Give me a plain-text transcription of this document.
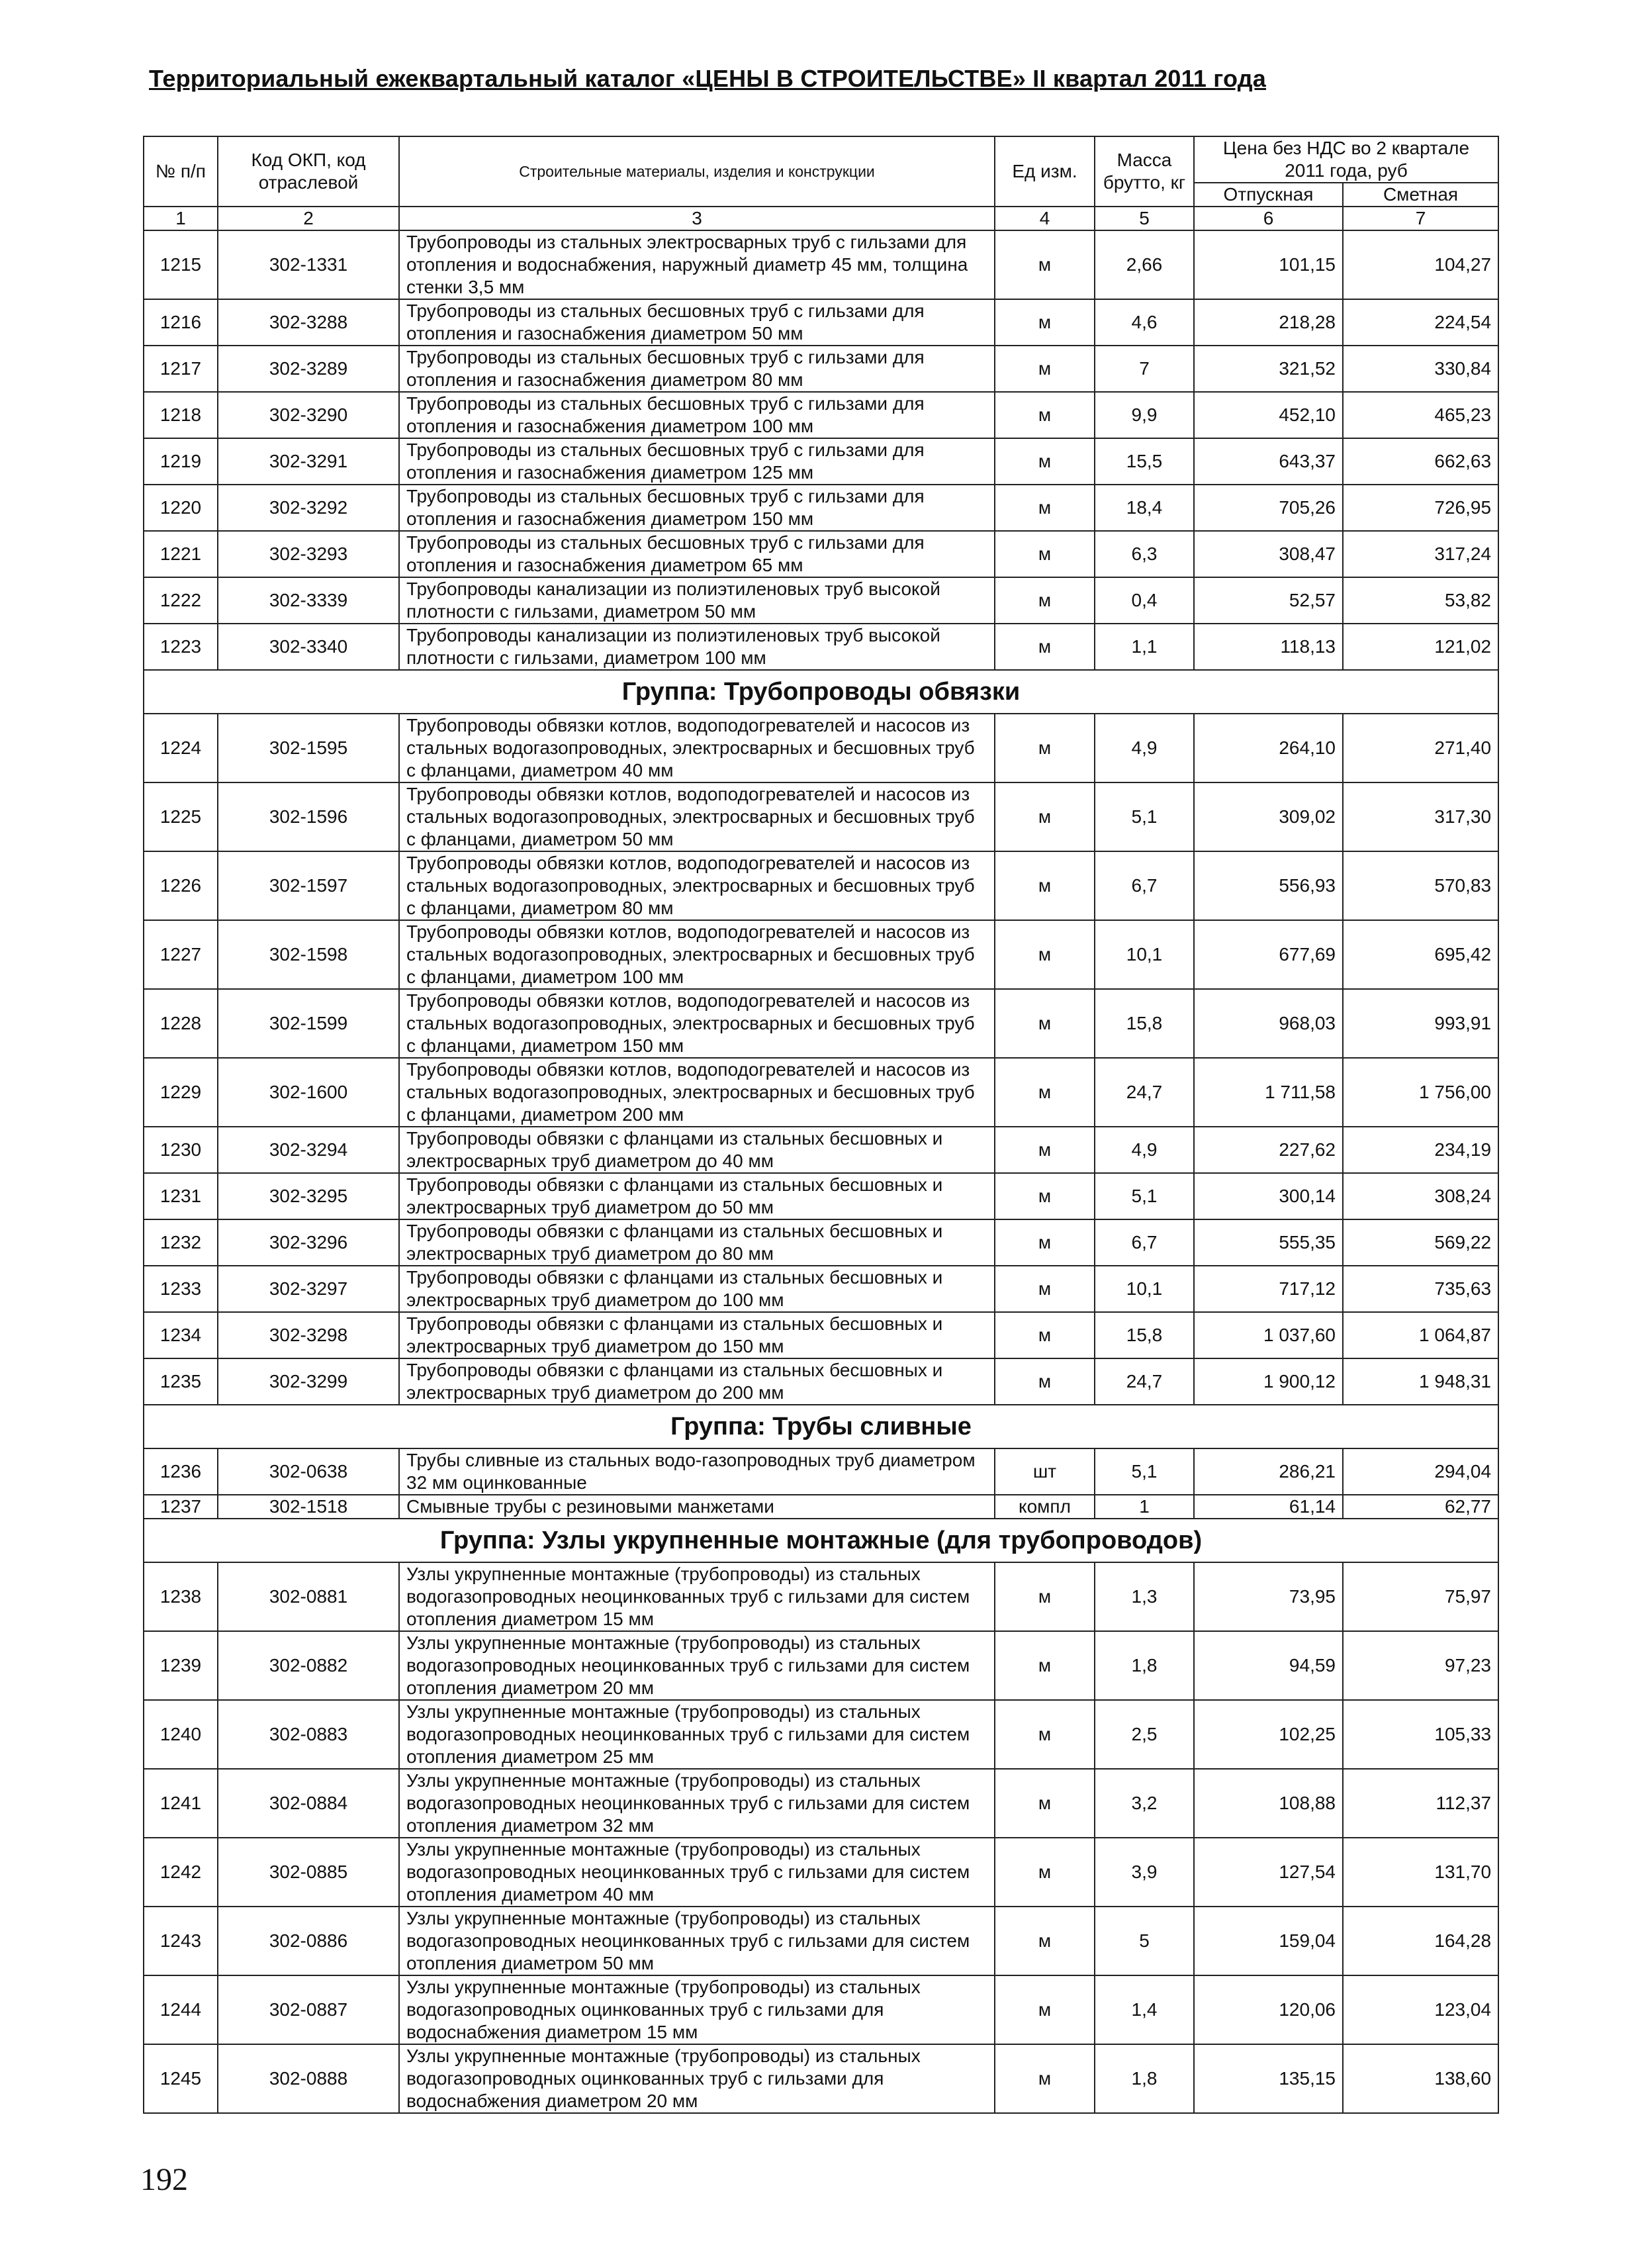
Территориальный ежеквартальный каталог «ЦЕНЫ В СТРОИТЕЛЬСТВЕ» II квартал 2011 года
№ п/п	Код ОКП, код отраслевой	Строительные материалы, изделия и конструкции	Ед изм.	Масса брутто, кг	Цена без НДС во 2 квартале 2011 года, руб	
					Отпускная	Сметная
1	2	3	4	5	6	7
1215	302-1331	Трубопроводы из стальных электросварных труб с гильзами для отопления и водоснабжения, наружный диаметр 45 мм, толщина стенки 3,5 мм	м	2,66	101,15	104,27
1216	302-3288	Трубопроводы из стальных бесшовных труб с гильзами для отопления и газоснабжения диаметром 50 мм	м	4,6	218,28	224,54
1217	302-3289	Трубопроводы из стальных бесшовных труб с гильзами для отопления и газоснабжения диаметром 80 мм	м	7	321,52	330,84
1218	302-3290	Трубопроводы из стальных бесшовных труб с гильзами для отопления и газоснабжения диаметром 100 мм	м	9,9	452,10	465,23
1219	302-3291	Трубопроводы из стальных бесшовных труб с гильзами для отопления и газоснабжения диаметром 125 мм	м	15,5	643,37	662,63
1220	302-3292	Трубопроводы из стальных бесшовных труб с гильзами для отопления и газоснабжения диаметром 150 мм	м	18,4	705,26	726,95
1221	302-3293	Трубопроводы из стальных бесшовных труб с гильзами для отопления и газоснабжения диаметром 65 мм	м	6,3	308,47	317,24
1222	302-3339	Трубопроводы канализации из полиэтиленовых труб высокой плотности с гильзами, диаметром 50 мм	м	0,4	52,57	53,82
1223	302-3340	Трубопроводы канализации из полиэтиленовых труб высокой плотности с гильзами, диаметром 100 мм	м	1,1	118,13	121,02
Группа: Трубопроводы обвязки						
1224	302-1595	Трубопроводы обвязки котлов, водоподогревателей и насосов из стальных водогазопроводных, электросварных и бесшовных труб с фланцами, диаметром 40 мм	м	4,9	264,10	271,40
1225	302-1596	Трубопроводы обвязки котлов, водоподогревателей и насосов из стальных водогазопроводных, электросварных и бесшовных труб с фланцами, диаметром 50 мм	м	5,1	309,02	317,30
1226	302-1597	Трубопроводы обвязки котлов, водоподогревателей и насосов из стальных водогазопроводных, электросварных и бесшовных труб с фланцами, диаметром 80 мм	м	6,7	556,93	570,83
1227	302-1598	Трубопроводы обвязки котлов, водоподогревателей и насосов из стальных водогазопроводных, электросварных и бесшовных труб с фланцами, диаметром 100 мм	м	10,1	677,69	695,42
1228	302-1599	Трубопроводы обвязки котлов, водоподогревателей и насосов из стальных водогазопроводных, электросварных и бесшовных труб с фланцами, диаметром 150 мм	м	15,8	968,03	993,91
1229	302-1600	Трубопроводы обвязки котлов, водоподогревателей и насосов из стальных водогазопроводных, электросварных и бесшовных труб с фланцами, диаметром 200 мм	м	24,7	1 711,58	1 756,00
1230	302-3294	Трубопроводы обвязки с фланцами из стальных бесшовных и электросварных труб диаметром до 40 мм	м	4,9	227,62	234,19
1231	302-3295	Трубопроводы обвязки с фланцами из стальных бесшовных и электросварных труб диаметром до 50 мм	м	5,1	300,14	308,24
1232	302-3296	Трубопроводы обвязки с фланцами из стальных бесшовных и электросварных труб диаметром до 80 мм	м	6,7	555,35	569,22
1233	302-3297	Трубопроводы обвязки с фланцами из стальных бесшовных и электросварных труб диаметром до 100 мм	м	10,1	717,12	735,63
1234	302-3298	Трубопроводы обвязки с фланцами из стальных бесшовных и электросварных труб диаметром до 150 мм	м	15,8	1 037,60	1 064,87
1235	302-3299	Трубопроводы обвязки с фланцами из стальных бесшовных и электросварных труб диаметром до 200 мм	м	24,7	1 900,12	1 948,31
Группа: Трубы сливные						
1236	302-0638	Трубы сливные из стальных водо-газопроводных труб диаметром 32 мм оцинкованные	шт	5,1	286,21	294,04
1237	302-1518	Смывные трубы с резиновыми манжетами	компл	1	61,14	62,77
Группа: Узлы укрупненные монтажные (для трубопроводов)						
1238	302-0881	Узлы укрупненные монтажные (трубопроводы) из стальных водогазопроводных неоцинкованных труб с гильзами для систем отопления диаметром 15 мм	м	1,3	73,95	75,97
1239	302-0882	Узлы укрупненные монтажные (трубопроводы) из стальных водогазопроводных неоцинкованных труб с гильзами для систем отопления диаметром 20 мм	м	1,8	94,59	97,23
1240	302-0883	Узлы укрупненные монтажные (трубопроводы) из стальных водогазопроводных неоцинкованных труб с гильзами для систем отопления диаметром 25 мм	м	2,5	102,25	105,33
1241	302-0884	Узлы укрупненные монтажные (трубопроводы) из стальных водогазопроводных неоцинкованных труб с гильзами для систем отопления диаметром 32 мм	м	3,2	108,88	112,37
1242	302-0885	Узлы укрупненные монтажные (трубопроводы) из стальных водогазопроводных неоцинкованных труб с гильзами для систем отопления диаметром 40 мм	м	3,9	127,54	131,70
1243	302-0886	Узлы укрупненные монтажные (трубопроводы) из стальных водогазопроводных неоцинкованных труб с гильзами для систем отопления диаметром 50 мм	м	5	159,04	164,28
1244	302-0887	Узлы укрупненные монтажные (трубопроводы) из стальных водогазопроводных оцинкованных труб с гильзами для водоснабжения диаметром 15 мм	м	1,4	120,06	123,04
1245	302-0888	Узлы укрупненные монтажные (трубопроводы) из стальных водогазопроводных оцинкованных труб с гильзами для водоснабжения диаметром 20 мм	м	1,8	135,15	138,60
192
